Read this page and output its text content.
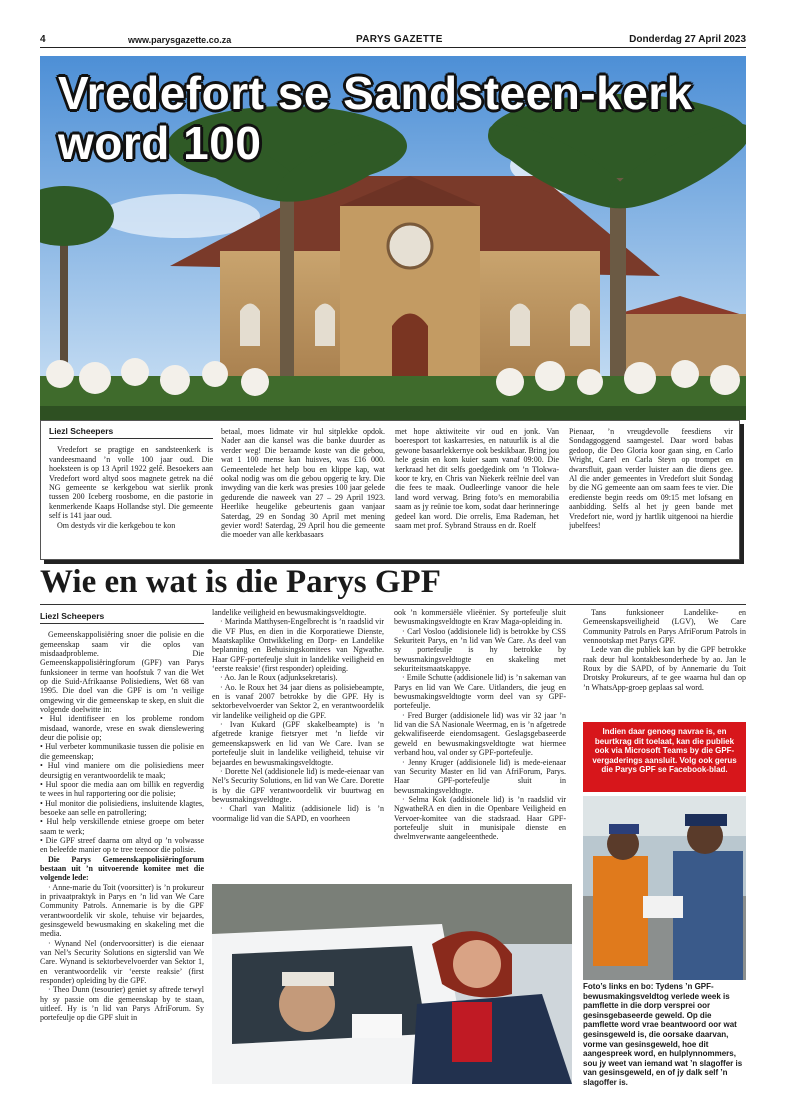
4	www.parysgazette.co.za	PARYS GAZETTE	Donderdag 27 April 2023
Vredefort se Sandsteen-kerk word 100
Liezl Scheepers

Vredefort se pragtige en sandsteenkerk is vandeesmaand ’n volle 100 jaar oud. Die hoeksteen is op 13 April 1922 gelê. Besoekers aan Vredefort word altyd soos magnete getrek na dié NG gemeente se kerkgebou wat sierlik pronk tussen 200 Iceberg roosbome, en die pastorie in kenmerkende Kaaps Hollandse styl. Die gemeente self is 141 jaar oud.

Om destyds vir die kerkgebou te kon

betaal, moes lidmate vir hul sitplekke opdok. Nader aan die kansel was die banke duurder as verder weg! Die beraamde koste van die gebou, wat 1 100 mense kan huisves, was £16 000. Gemeentelede het help bou en klippe kap, wat ookal nodig was om die gebou opgerig te kry. Die inwyding van die kerk was presies 100 jaar gelede gedurende die naweek van 27 – 29 April 1923. Heerlike heugelike gebeurtenis gaan vanjaar Saterdag, 29 en Sondag 30 April met mening gevier word! Saterdag, 29 April hou die gemeente die moeder van alle kerkbasaars

met hope aktiwiteite vir oud en jonk. Van boeresport tot kaskarresies, en natuurlik is al die gewone basaarlekkernye ook beskikbaar. Bring jou hele gesin en kom kuier saam vanaf 09:00. Die kerkraad het dit selfs goedgedink om ’n Tlokwa-koor te kry, en Chris van Niekerk reëlnie deel van die fees te maak. Oudleerlinge vanoor die hele land word verwag. Bring foto’s en memorabilia saam as jy reünie toe kom, sodat daar herinneringe gedeel kan word. Die orrelis, Ema Rademan, het saam met prof. Sybrand Strauss en dr. Roelf

Pienaar, ’n vreugdevolle feesdiens vir Sondaggoggend saamgestel. Daar word babas gedoop, die Deo Gloria koor gaan sing, en Carlo Wright, Carel en Carla Steyn op trompet en dwarsfluit, gaan verder luister aan die diens gee. Al die ander gemeentes in Vredefort sluit Sondag by die NG gemeente aan om saam fees te vier. Die eredienste begin reeds om 09:15 met lofsang en aanbidding. Selfs al het jy geen bande met Vredefort nie, word jy hartlik uitgenooi na hierdie jubelfees!

Wie en wat is die Parys GPF
Liezl Scheepers

Gemeenskappolisiëring snoer die polisie en die gemeenskap saam vir die oplos van misdaadprobleme. Die Gemeenskappolisiëringforum (GPF) van Parys funksioneer in terme van hoofstuk 7 van die Wet op die Suid-Afrikaanse Polisiediens, Wet 68 van 1995. Die doel van die GPF is om ’n veilige omgewing vir die gemeenskap te skep, en sluit die volgende doelwitte in:

• Hul identifiseer en los probleme rondom misdaad, wanorde, vrese en swak dienslewering deur die polisie op;

• Hul verbeter kommunikasie tussen die polisie en die gemeenskap;

• Hul vind maniere om die polisiediens meer deursigtig en verantwoordelik te maak;

• Hul spoor die media aan om billik en regverdig te wees in hul rapportering oor die polisie;

• Hul monitor die polisiediens, insluitende klagtes, besoeke aan selle en patrollering;

• Hul help verskillende etniese groepe om beter saam te werk;

• Die GPF streef daarna om altyd op ’n volwasse en beleefde manier op te tree teenoor die polisie.

Die Parys Gemeenskappolisiëringforum bestaan uit ’n uitvoerende komitee met die volgende lede:

· Anne-marie du Toit (voorsitter) is ’n prokureur in privaatpraktyk in Parys en ’n lid van We Care Community Patrols. Annemarie is by die GPF verantwoordelik vir skole, tehuise vir bejaardes, gesinsgeweld bewusmaking en skakeling met die media.

· Wynand Nel (ondervoorsitter) is die eienaar van Nel’s Security Solutions en sigterslid van We Care. Wynand is sektorbevelvoerder van Sektor 1, en verantwoordelik vir ‘eerste reaksie’ (first responder) opleiding by die GPF.

· Theo Dunn (tesourier) geniet sy aftrede terwyl hy sy passie om die gemeenskap by te staan, uitleef. Hy is ’n lid van Parys AfriForum. Sy portefeulje op die GPF sluit in

landelike veiligheid en bewusmakingsveldtogte.

· Marinda Matthysen-Engelbrecht is ’n raadslid vir die VF Plus, en dien in die Korporatiewe Dienste, Maatskaplike Ontwikkeling en Dorp- en Landelike beplanning en Behuisingskomitees van Ngwathe. Haar GPF-portefeulje sluit in landelike veiligheid en ‘eerste reaksie’ (first responder) opleiding.

· Ao. Jan le Roux (adjunksekretaris).

· Ao. le Roux het 34 jaar diens as polisiebeampte, en is vanaf 2007 betrokke by die GPF. Hy is sektorbevelvoerder van Sektor 2, en verantwoordelik vir landelike veiligheid op die GPF.

· Ivan Kukard (GPF skakelbeampte) is ’n afgetrede kranige fietsryer met ’n liefde vir gemeenskapswerk en lid van We Care. Ivan se portefeulje sluit in landelike veiligheid, tehuise vir bejaardes en bewusmakingsveldtogte.

· Dorette Nel (addisionele lid) is mede-eienaar van Nel’s Security Solutions, en lid van We Care. Dorette is by die GPF verantwoordelik vir buurtwag en bewusmakingsveldtogte.

· Charl van Malitiz (addisionele lid) is ’n voormalige lid van die SAPD, en voorheen

ook ’n kommersiële vlieënier. Sy portefeulje sluit bewusmakingsveldtogte en Krav Maga-opleiding in.

· Carl Vosloo (addisionele lid) is betrokke by CSS Sekuriteit Parys, en ’n lid van We Care. As deel van sy portefeulje is hy betrokke by bewusmakingsveldtogte en skakeling met sekuriteitsmaatskappye.

· Emile Schutte (addisionele lid) is ’n sakeman van Parys en lid van We Care. Uitlanders, die jeug en bewusmakingsveldtogte vorm deel van sy GPF-portefeulje.

· Fred Burger (addisionele lid) was vir 32 jaar ’n lid van die SA Nasionale Weermag, en is ’n afgetrede gekwalifiseerde eiendomsagent. Geslagsgebaseerde geweld en bewusmakingsveldtogte wat hiermee verband hou, val onder sy GPF-portefeulje.

· Jenny Kruger (addisionele lid) is mede-eienaar van Security Master en lid van AfriForum, Parys. Haar GPF-portefeulje sluit in bewusmakingsveldtogte.

· Selma Kok (addisionele lid) is ’n raadslid vir NgwatheRA en dien in die Openbare Veiligheid en Vervoer-komitee van die stadsraad. Haar GPF-portefeulje sluit in munisipale dienste en dwelmverwante aangeleenthede.

Tans funksioneer Landelike- en Gemeenskapsveiligheid (LGV), We Care Community Patrols en Parys AfriForum Patrols in vennootskap met Parys GPF.

Lede van die publiek kan by die GPF betrokke raak deur hul kontakbesonderhede by ao. Jan le Roux by die SAPD, of by Annemarie du Toit Drotsky Prokureurs, af te gee waarna hul dan op ’n WhatsApp-groep geplaas sal word.

Indien daar genoeg navrae is, en beurtkrag dit toelaat, kan die publiek ook via Microsoft Teams by die GPF-vergaderings aansluit. Volg ook gerus die Parys GPF se Facebook-blad.
Foto’s links en bo: Tydens ’n GPF-bewusmakingsveldtog verlede week is pamflette in die dorp versprei oor gesinsgebaseerde geweld. Op die pamflette word vrae beantwoord oor wat gesinsgeweld is, die oorsake daarvan, vorme van gesinsgeweld, hoe dit aangespreek word, en hulplynnommers, sou jy weet van iemand wat ’n slagoffer is van gesinsgeweld, en of jy dalk self ’n slagoffer is.
